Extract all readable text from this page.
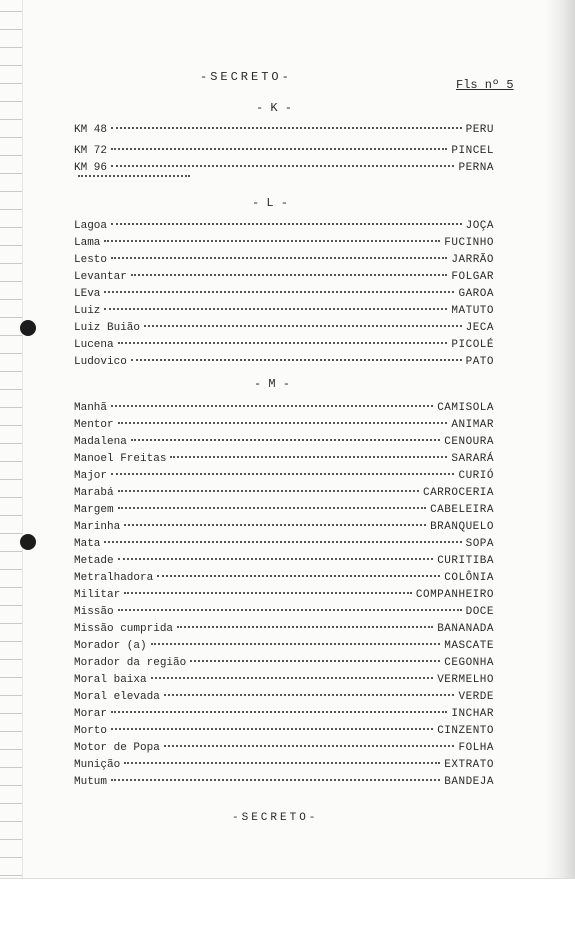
-SECRETO-
Fls nº 5
- K -
KM 48	PERU
KM 72	PINCEL
KM 96	PERNA
- L -
Lagoa	JOÇA
Lama	FUCINHO
Lesto	JARRÃO
Levantar	FOLGAR
LEva	GAROA
Luiz	MATUTO
Luiz Buião	JECA
Lucena	PICOLÉ
Ludovico	PATO
- M -
Manhã	CAMISOLA
Mentor	ANIMAR
Madalena	CENOURA
Manoel Freitas	SARARÁ
Major	CURIÓ
Marabá	CARROCERIA
Margem	CABELEIRA
Marinha	BRANQUELO
Mata	SOPA
Metade	CURITIBA
Metralhadora	COLÔNIA
Militar	COMPANHEIRO
Missão	DOCE
Missão cumprida	BANANADA
Morador (a)	MASCATE
Morador da região	CEGONHA
Moral baixa	VERMELHO
Moral elevada	VERDE
Morar	INCHAR
Morto	CINZENTO
Motor de Popa	FOLHA
Munição	EXTRATO
Mutum	BANDEJA
-SECRETO-
